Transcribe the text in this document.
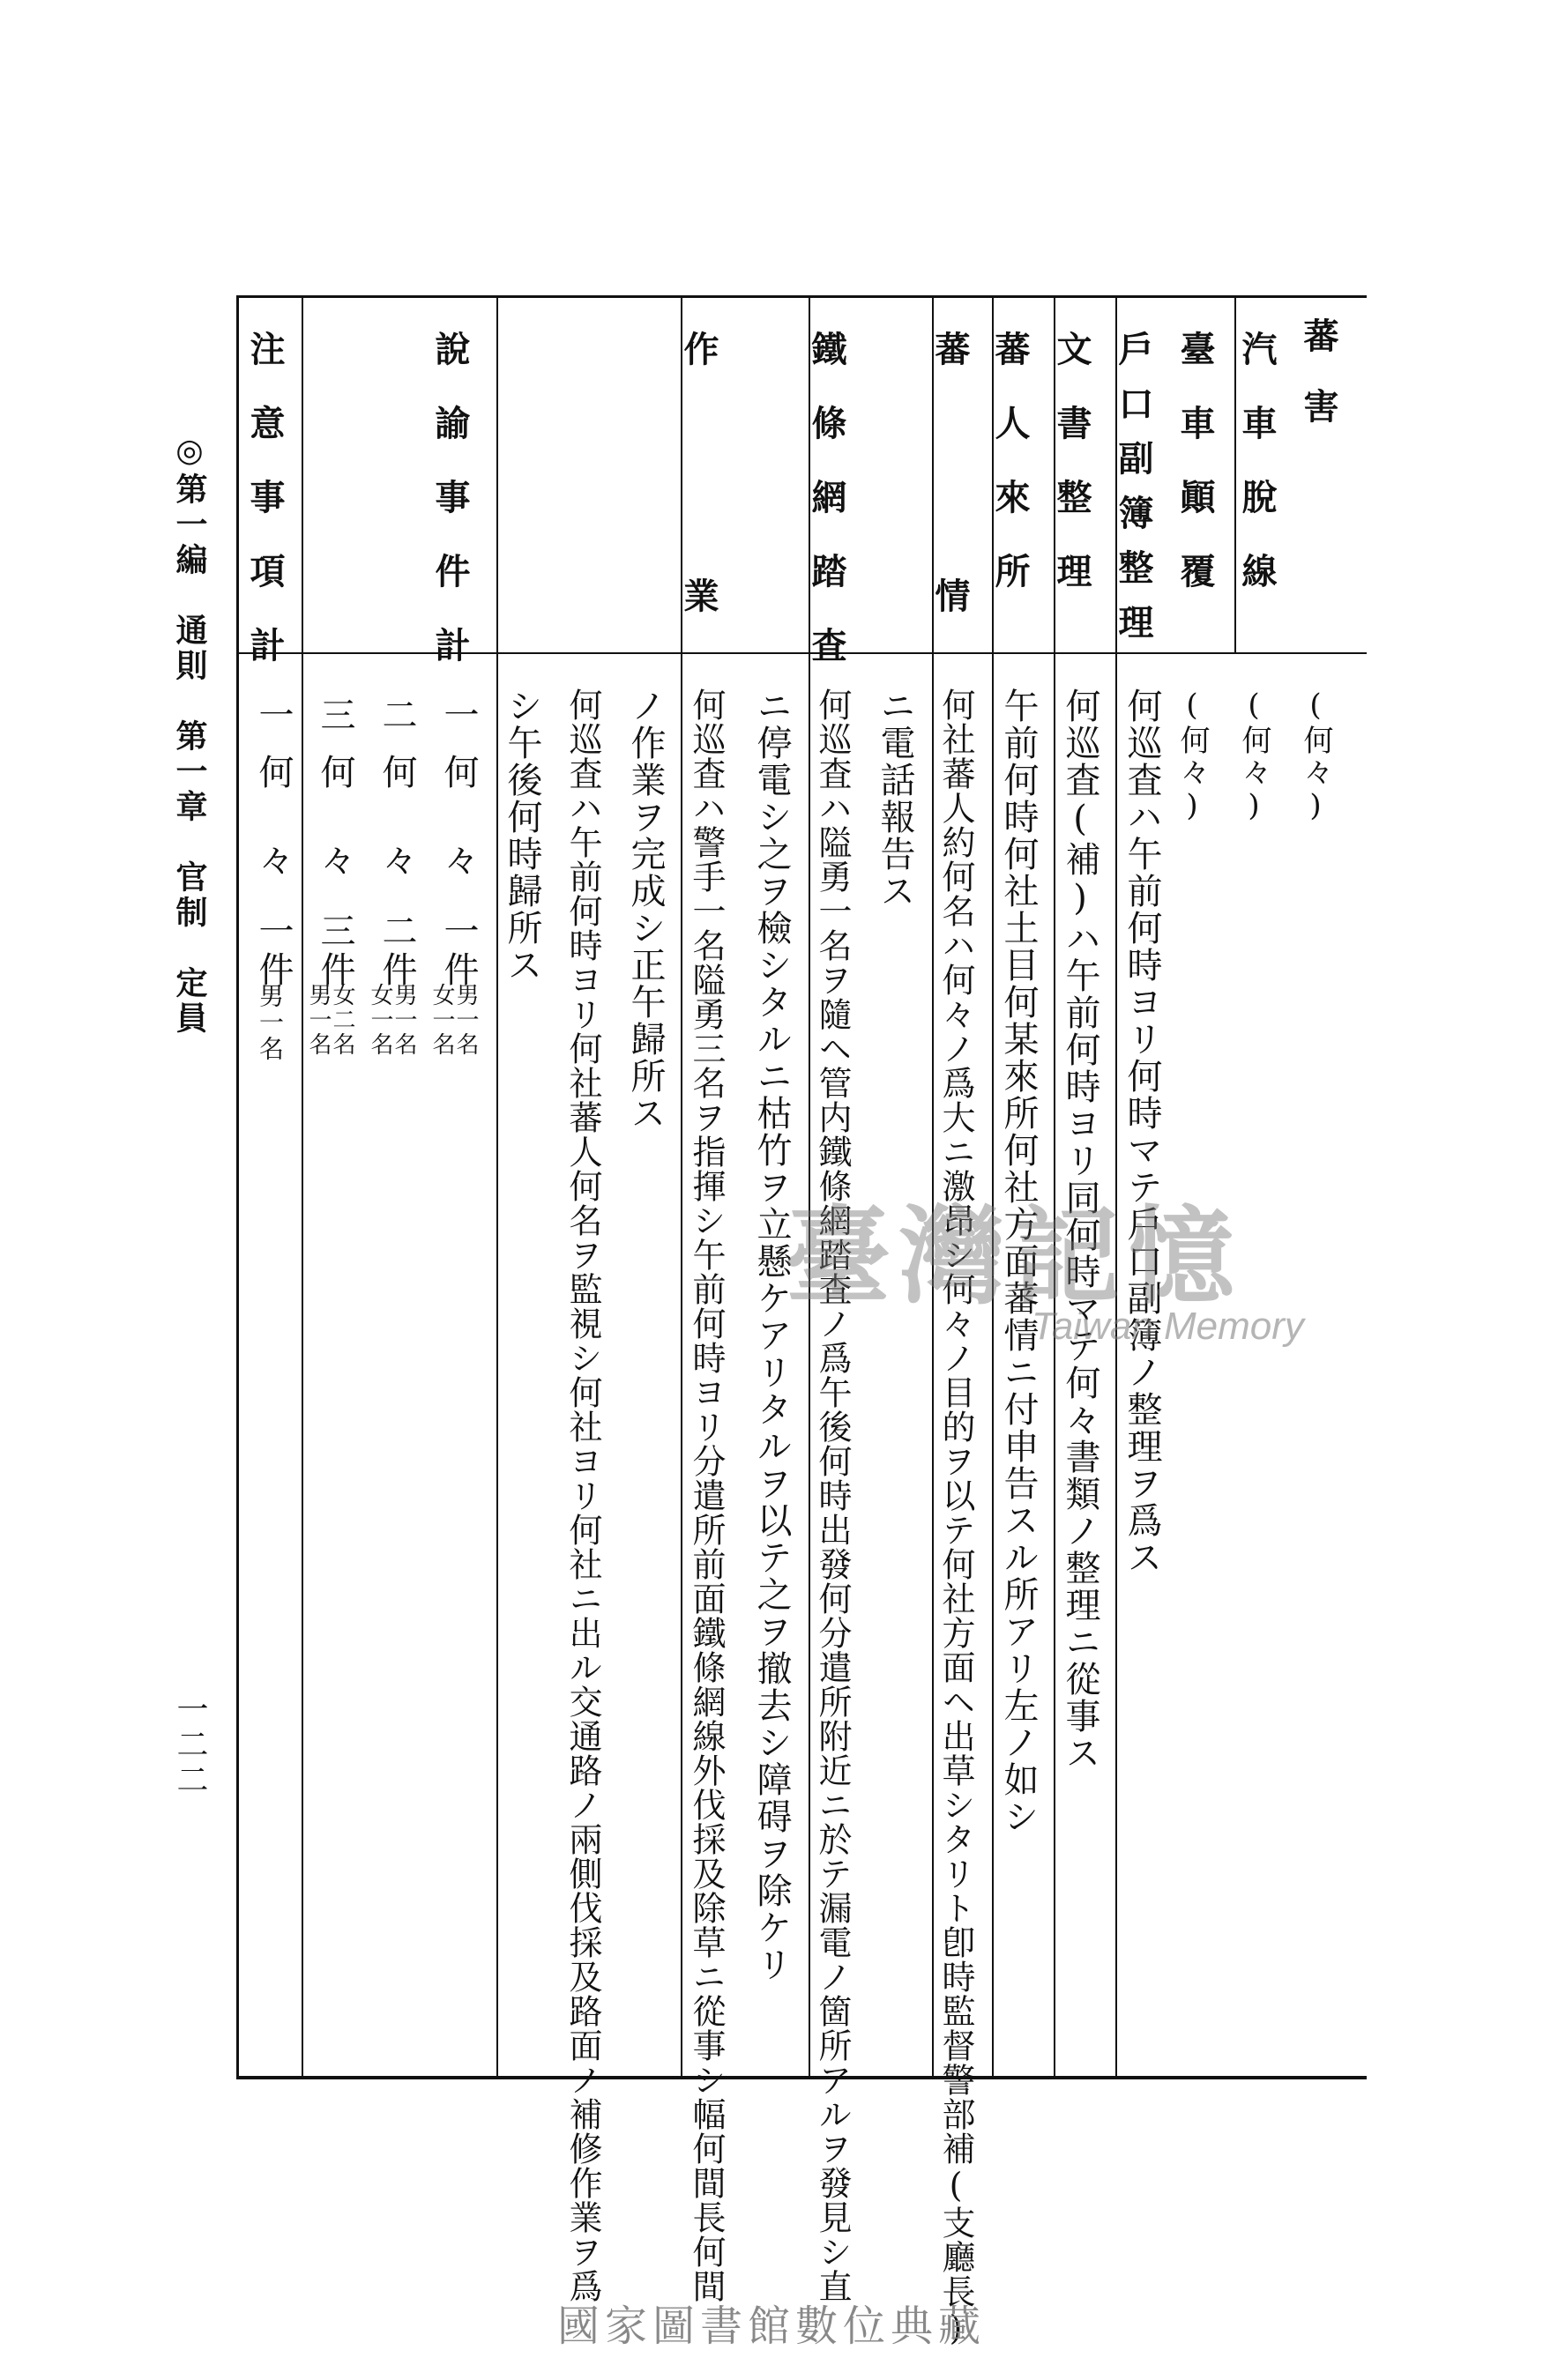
◎第一編　通則　第一章　官制　定員
一二二
蕃害
汽車脫線
臺車顚覆
戶口副簿整理
文書整理
蕃人來所
蕃情
鐵條網踏査
作業
說諭事件計
注意事項計
(何々)
(何々)
(何々)
何巡査ハ午前何時ヨリ何時マテ戶口副簿ノ整理ヲ爲ス
何巡査(補)ハ午前何時ヨリ同何時マテ何々書類ノ整理ニ從事ス
午前何時何社土目何某來所何社方面蕃情ニ付申告スル所アリ左ノ如シ
何社蕃人約何名ハ何々ノ爲大ニ激昂シ何々ノ目的ヲ以テ何社方面ヘ出草シタリト卽時監督警部補(支廳長)
ニ電話報告ス
何巡査ハ隘勇一名ヲ隨ヘ管内鐵條網踏査ノ爲午後何時出發何分遣所附近ニ於テ漏電ノ箇所アルヲ發見シ直
ニ停電シ之ヲ檢シタルニ枯竹ヲ立懸ケアリタルヲ以テ之ヲ撤去シ障碍ヲ除ケリ
何巡査ハ警手一名隘勇三名ヲ指揮シ午前何時ヨリ分遣所前面鐵條網線外伐採及除草ニ從事シ幅何間長何間
ノ作業ヲ完成シ正午歸所ス
何巡査ハ午前何時ヨリ何社蕃人何名ヲ監視シ何社ヨリ何社ニ出ル交通路ノ兩側伐採及路面ノ補修作業ヲ爲
シ午後何時歸所ス
一
何
々
一件
男一名
女一名
二
何
々
二件
男一名
女一名
三
何
々
三件
女二名
男一名
一
何
々
一件
男一名
臺灣記憶
Taiwan Memory
國家圖書館數位典藏
